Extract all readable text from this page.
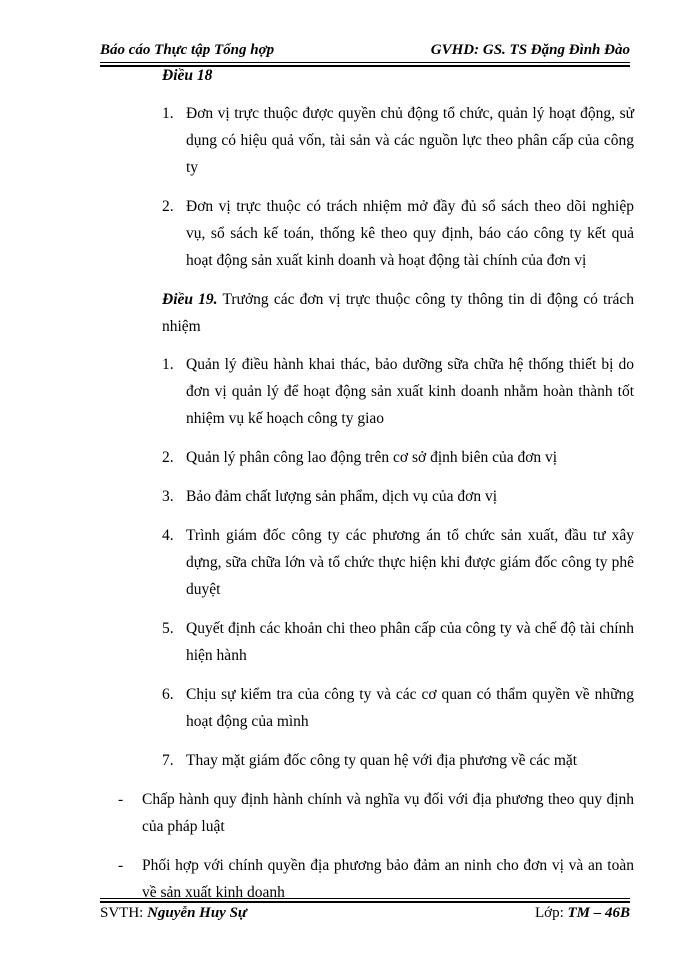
Báo cáo Thực tập Tổng hợp	GVHD: GS. TS Đặng Đình Đào
Điều 18
1. Đơn vị trực thuộc được quyền chủ động tổ chức, quản lý hoạt động, sử dụng có hiệu quả vốn, tài sản và các nguồn lực theo phân cấp của công ty
2. Đơn vị trực thuộc có trách nhiệm mở đầy đủ sổ sách theo dõi nghiệp vụ, sổ sách kế toán, thống kê theo quy định, báo cáo công ty kết quả hoạt động sản xuất kinh doanh và hoạt động tài chính của đơn vị
Điều 19. Trưởng các đơn vị trực thuộc công ty thông tin di động có trách nhiệm
1. Quản lý điều hành khai thác, bảo dưỡng sữa chữa hệ thống thiết bị do đơn vị quản lý để hoạt động sản xuất kinh doanh nhằm hoàn thành tốt nhiệm vụ kế hoạch công ty giao
2. Quản lý phân công lao động trên cơ sở định biên của đơn vị
3. Bảo đảm chất lượng sản phẩm, dịch vụ của đơn vị
4. Trình giám đốc công ty các phương án tổ chức sản xuất, đầu tư xây dựng, sữa chữa lớn và tổ chức thực hiện khi được giám đốc công ty phê duyệt
5. Quyết định các khoản chi theo phân cấp của công ty và chế độ tài chính hiện hành
6. Chịu sự kiểm tra của công ty và các cơ quan có thẩm quyền về những hoạt động của mình
7. Thay mặt giám đốc công ty quan hệ với địa phương về các mặt
- Chấp hành quy định hành chính và nghĩa vụ đối với địa phương theo quy định của pháp luật
- Phối hợp với chính quyền địa phương bảo đảm an ninh cho đơn vị và an toàn về sản xuất kinh doanh
SVTH: Nguyễn Huy Sự	Lớp: TM – 46B
